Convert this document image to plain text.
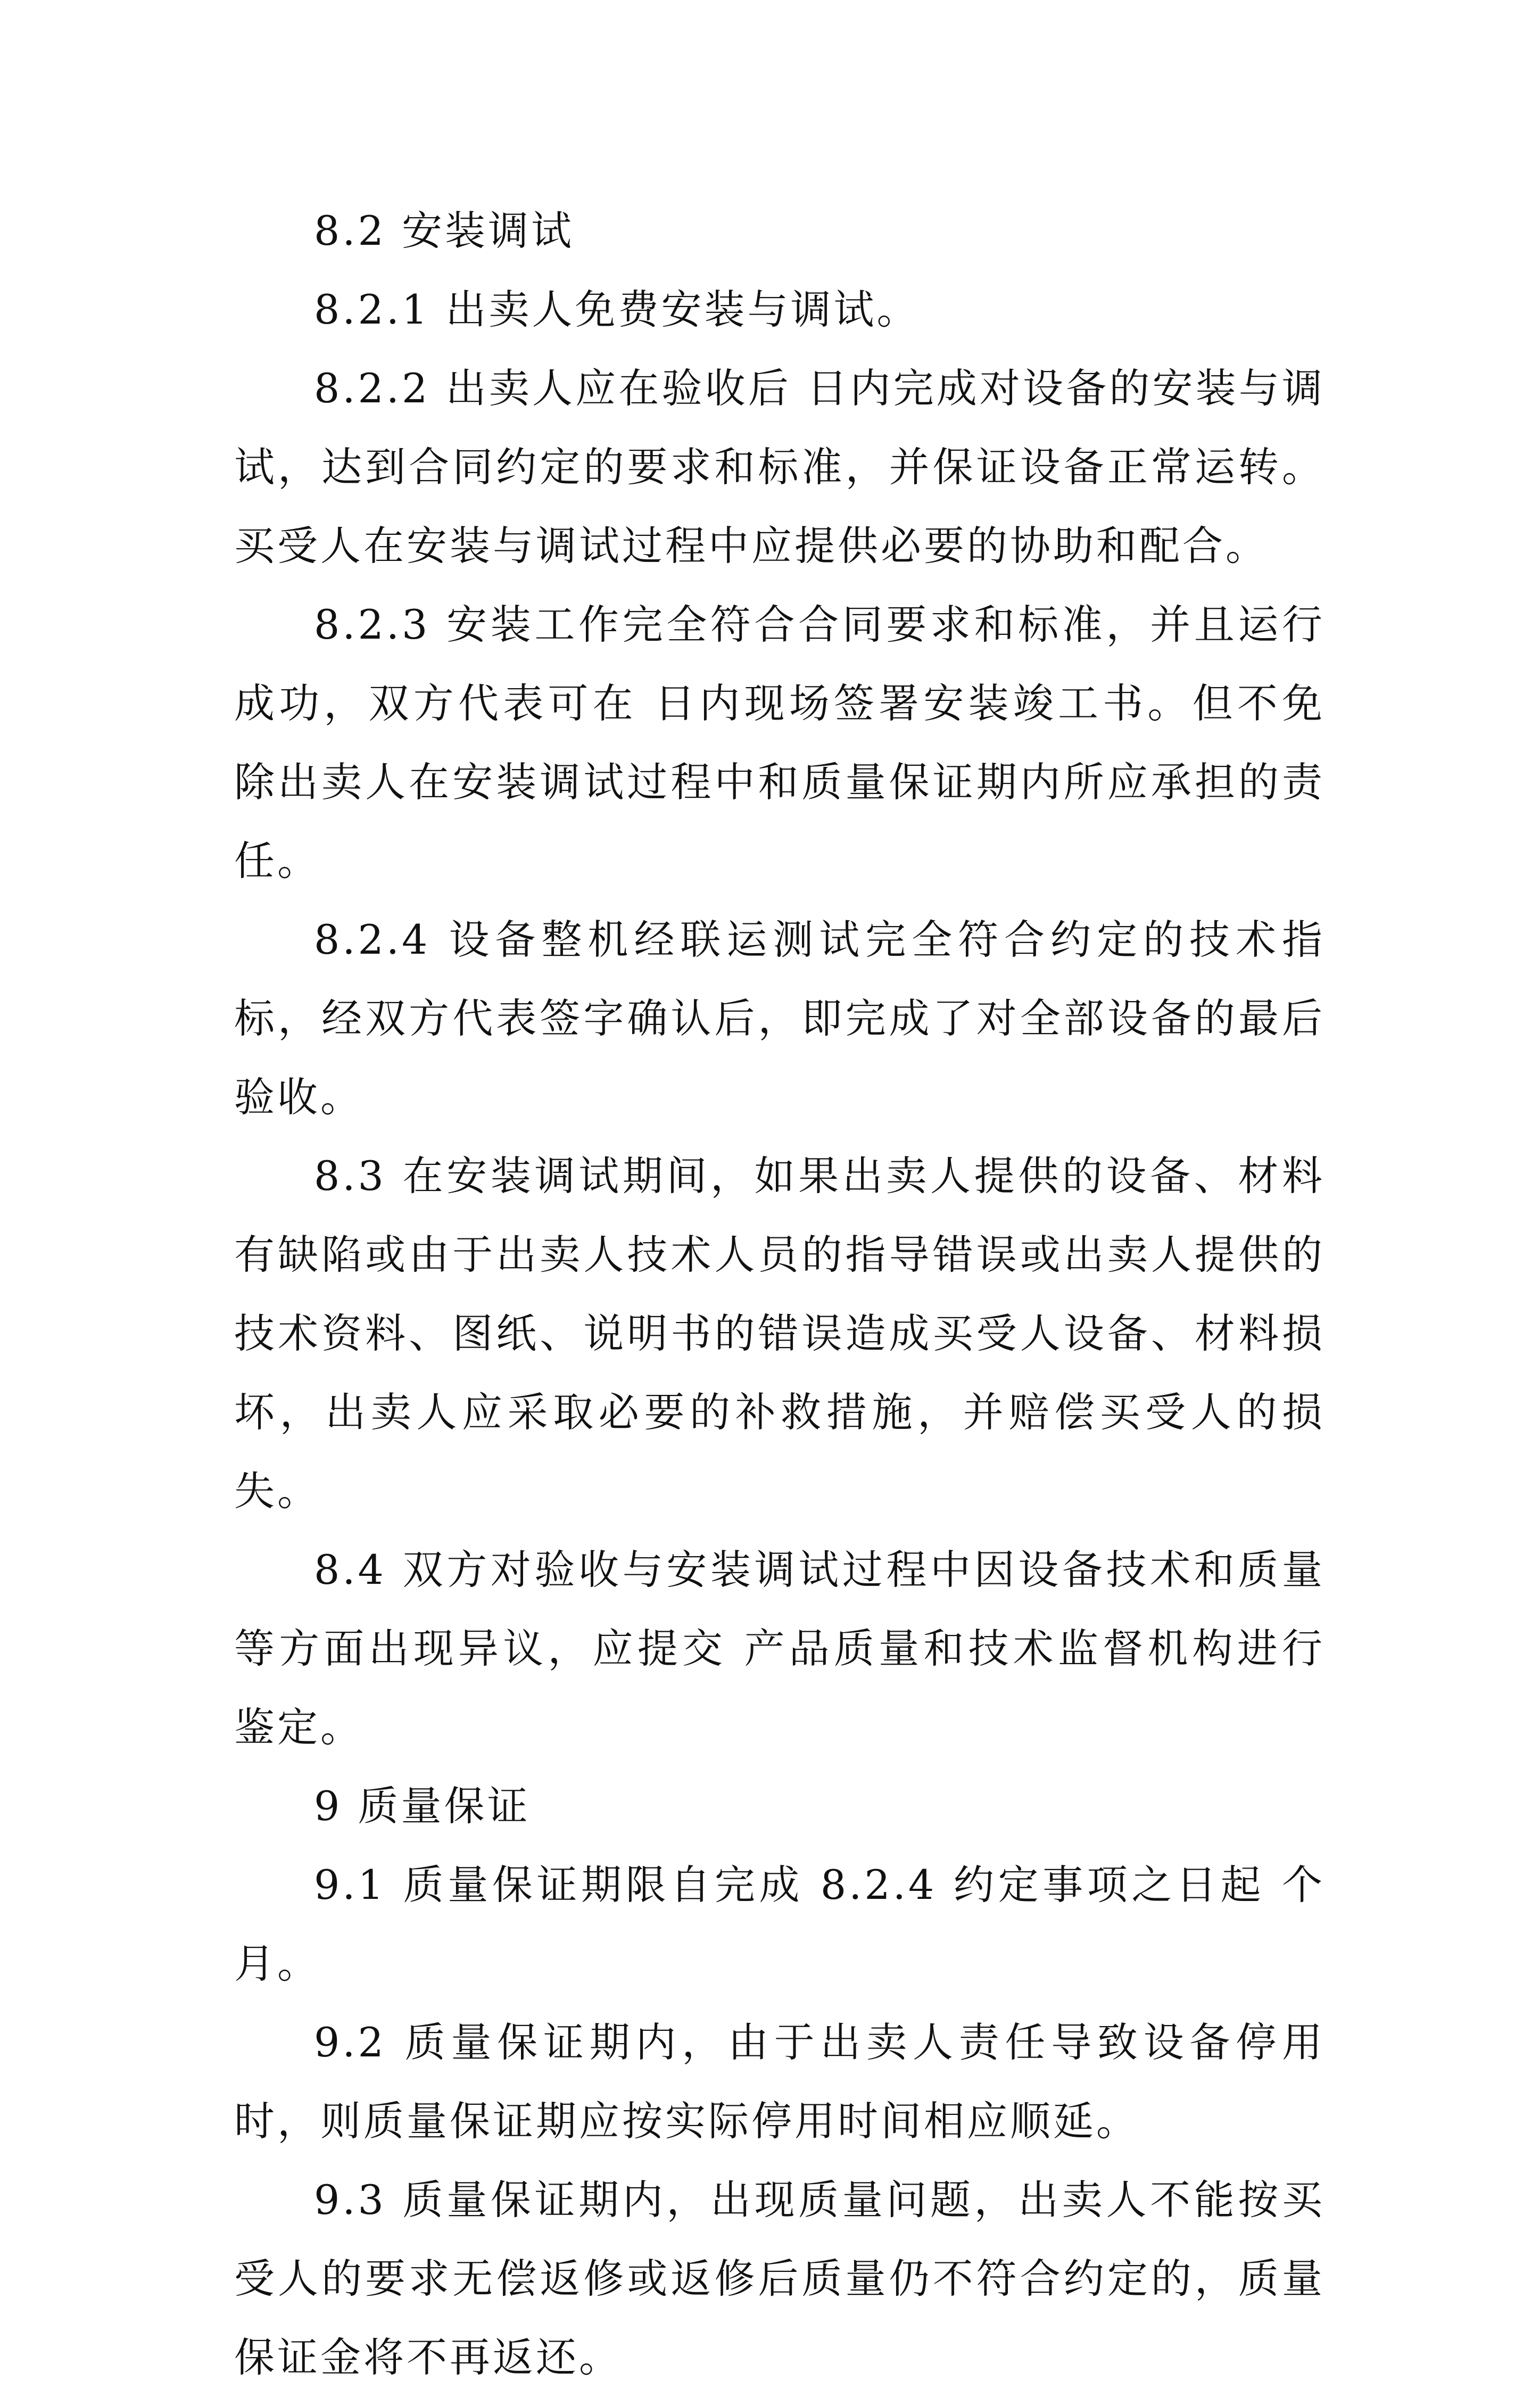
8.2 安装调试

8.2.1 出卖人免费安装与调试。

8.2.2 出卖人应在验收后 日内完成对设备的安装与调试，达到合同约定的要求和标准，并保证设备正常运转。买受人在安装与调试过程中应提供必要的协助和配合。

8.2.3 安装工作完全符合合同要求和标准，并且运行成功，双方代表可在 日内现场签署安装竣工书。但不免除出卖人在安装调试过程中和质量保证期内所应承担的责任。

8.2.4 设备整机经联运测试完全符合约定的技术指标，经双方代表签字确认后，即完成了对全部设备的最后验收。

8.3 在安装调试期间，如果出卖人提供的设备、材料有缺陷或由于出卖人技术人员的指导错误或出卖人提供的技术资料、图纸、说明书的错误造成买受人设备、材料损坏，出卖人应采取必要的补救措施，并赔偿买受人的损失。

8.4 双方对验收与安装调试过程中因设备技术和质量等方面出现异议，应提交 产品质量和技术监督机构进行鉴定。

9 质量保证

9.1 质量保证期限自完成 8.2.4 约定事项之日起 个月。

9.2 质量保证期内，由于出卖人责任导致设备停用时，则质量保证期应按实际停用时间相应顺延。

9.3 质量保证期内，出现质量问题，出卖人不能按买受人的要求无偿返修或返修后质量仍不符合约定的，质量保证金将不再返还。
